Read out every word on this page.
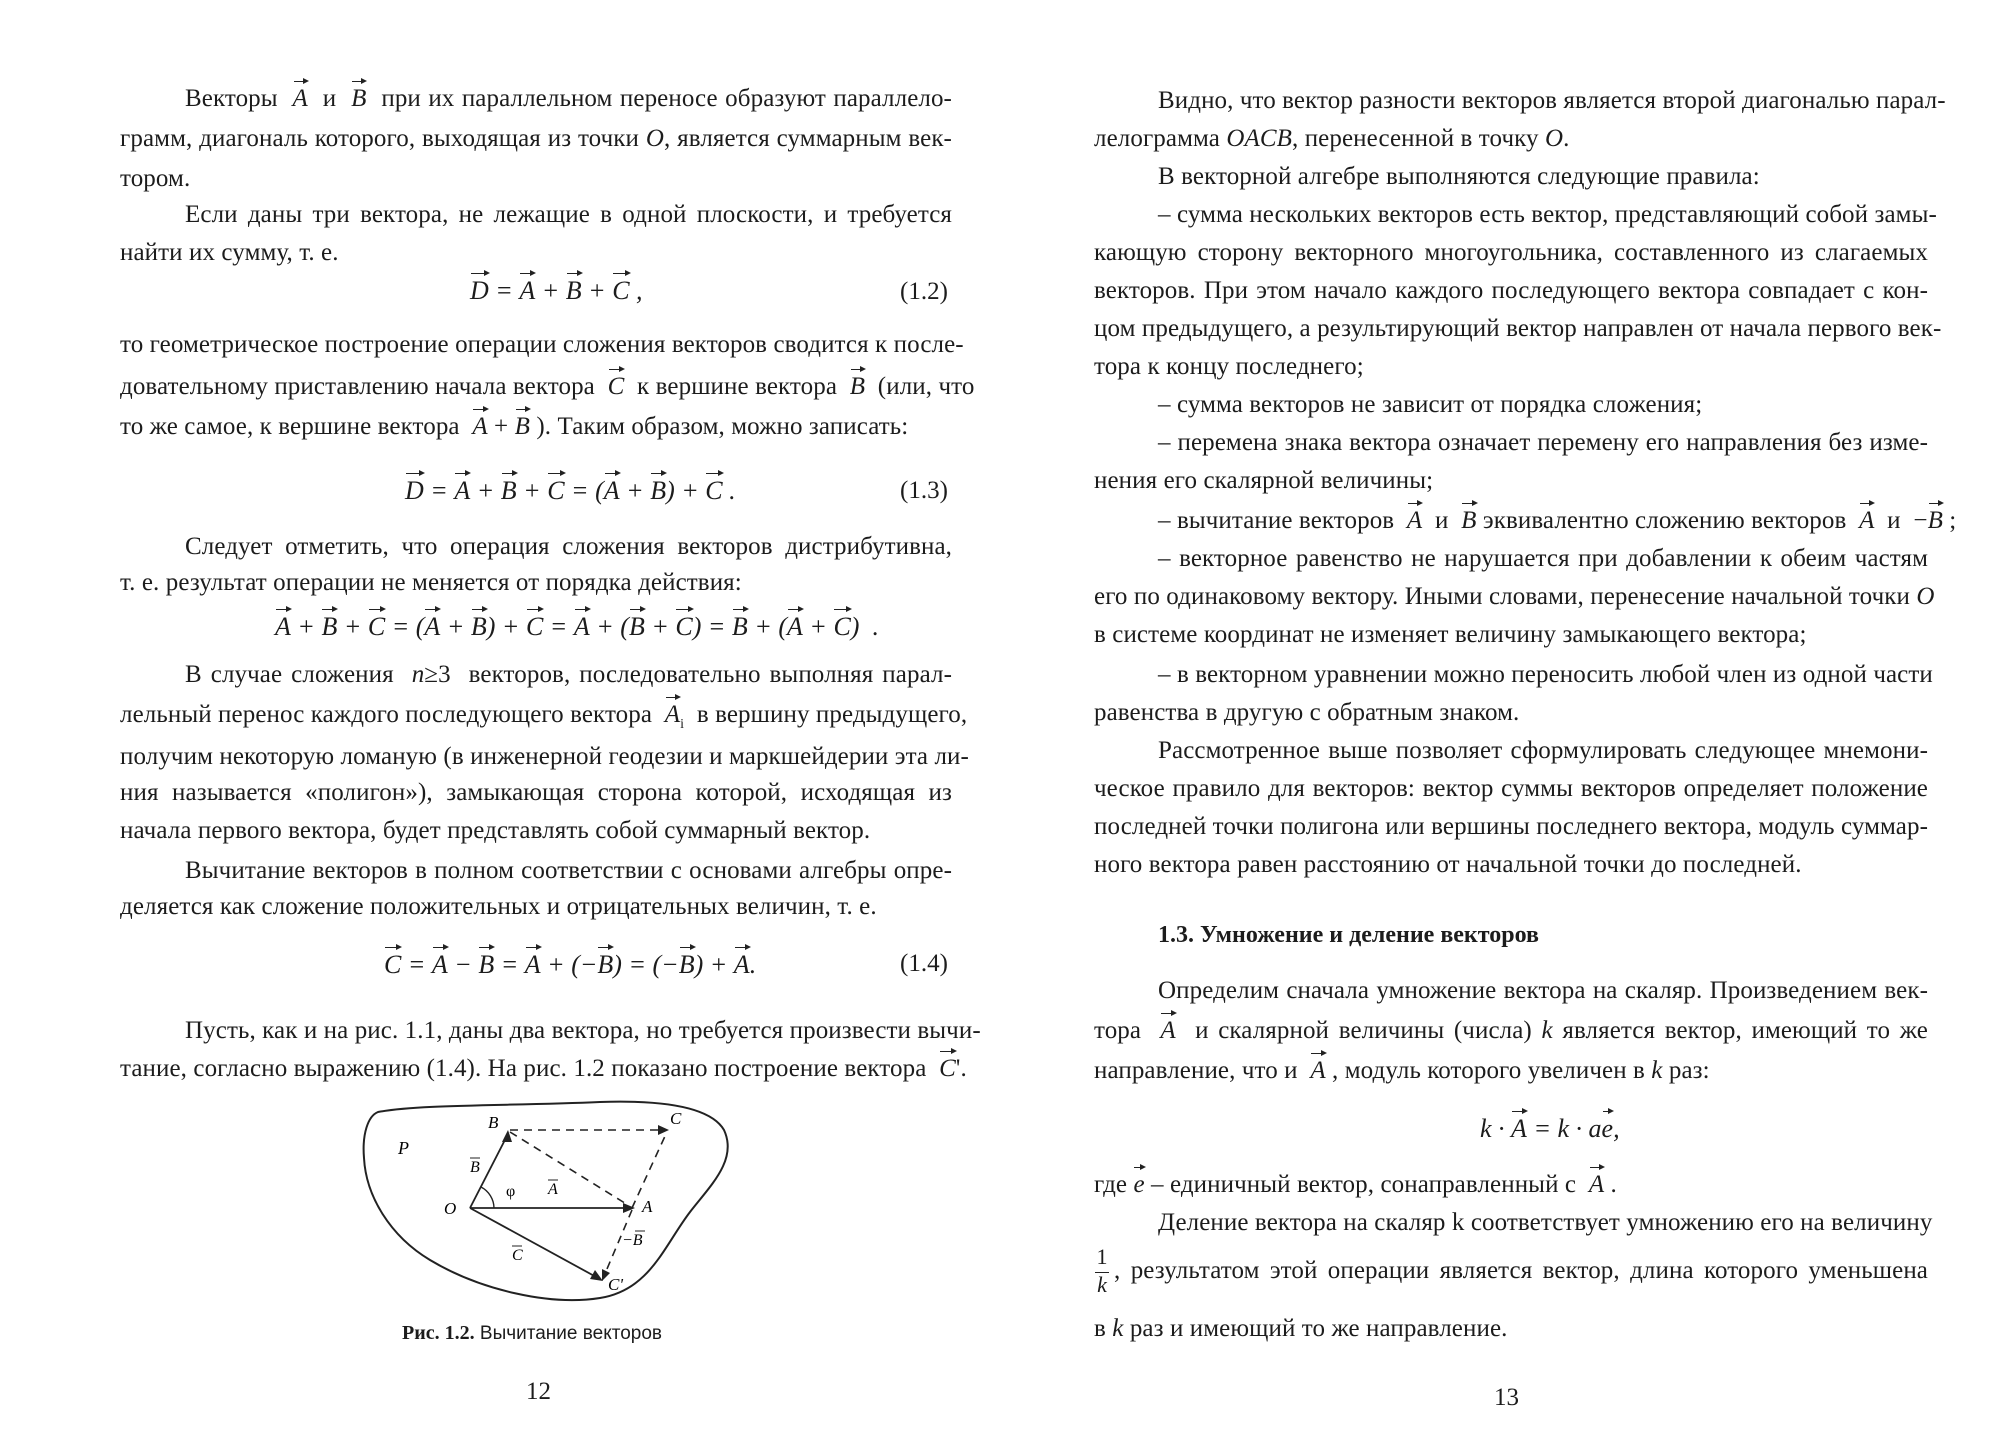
Векторы  A  и  B  при их параллельном переносе образуют параллело-

грамм, диагональ которого, выходящая из точки O, является суммарным век-

тором.

Если даны три вектора, не лежащие в одной плоскости, и требуется

найти их сумму, т. е.

D = A + B + C ,	(1.2)

то геометрическое построение операции сложения векторов сводится к после-

довательному приставлению начала вектора  C  к вершине вектора  B  (или, что

то же самое, к вершине вектора  A + B ). Таким образом, можно записать:

D = A + B + C = (A + B) + C .	(1.3)

Следует отметить, что операция сложения векторов дистрибутивна,

т. е. результат операции не меняется от порядка действия:

A + B + C = (A + B) + C = A + (B + C) = B + (A + C)  .

В случае сложения  n≥3  векторов, последовательно выполняя парал-

лельный перенос каждого последующего вектора  $A_i$  в вершину предыдущего,

получим некоторую ломаную (в инженерной геодезии и маркшейдерии эта ли-

ния называется «полигон»), замыкающая сторона которой, исходящая из

начала первого вектора, будет представлять собой суммарный вектор.

Вычитание векторов в полном соответствии с основами алгебры опре-

деляется как сложение положительных и отрицательных величин, т. е.

C = A − B = A + (−B) = (−B) + A.	(1.4)

Пусть, как и на рис. 1.1, даны два вектора, но требуется произвести вычи-

тание, согласно выражению (1.4). На рис. 1.2 показано построение вектора  C'.

P
B	C
O	A
C'
φ A
B
C
−B
Рис. 1.2. Вычитание векторов
12

Видно, что вектор разности векторов является второй диагональю парал-

лелограмма OACB, перенесенной в точку O.

В векторной алгебре выполняются следующие правила:

– сумма нескольких векторов есть вектор, представляющий собой замы-

кающую сторону векторного многоугольника, составленного из слагаемых

векторов. При этом начало каждого последующего вектора совпадает с кон-

цом предыдущего, а результирующий вектор направлен от начала первого век-

тора к концу последнего;

– сумма векторов не зависит от порядка сложения;

– перемена знака вектора означает перемену его направления без изме-

нения его скалярной величины;

– вычитание векторов  A  и  B эквивалентно сложению векторов  A  и  −B ;

– векторное равенство не нарушается при добавлении к обеим частям

его по одинаковому вектору. Иными словами, перенесение начальной точки O

в системе координат не изменяет величину замыкающего вектора;

– в векторном уравнении можно переносить любой член из одной части

равенства в другую с обратным знаком.

Рассмотренное выше позволяет сформулировать следующее мнемони-

ческое правило для векторов: вектор суммы векторов определяет положение

последней точки полигона или вершины последнего вектора, модуль суммар-

ного вектора равен расстоянию от начальной точки до последней.

1.3. Умножение и деление векторов

Определим сначала умножение вектора на скаляр. Произведением век-

тора  A  и скалярной величины (числа) k является вектор, имеющий то же

направление, что и  A , модуль которого увеличен в k раз:

k · A = k · ae,

где e – единичный вектор, сонаправленный с  A .

Деление вектора на скаляр k соответствует умножению его на величину

1
k

, результатом этой операции является вектор, длина которого уменьшена

в k раз и имеющий то же направление.

13
